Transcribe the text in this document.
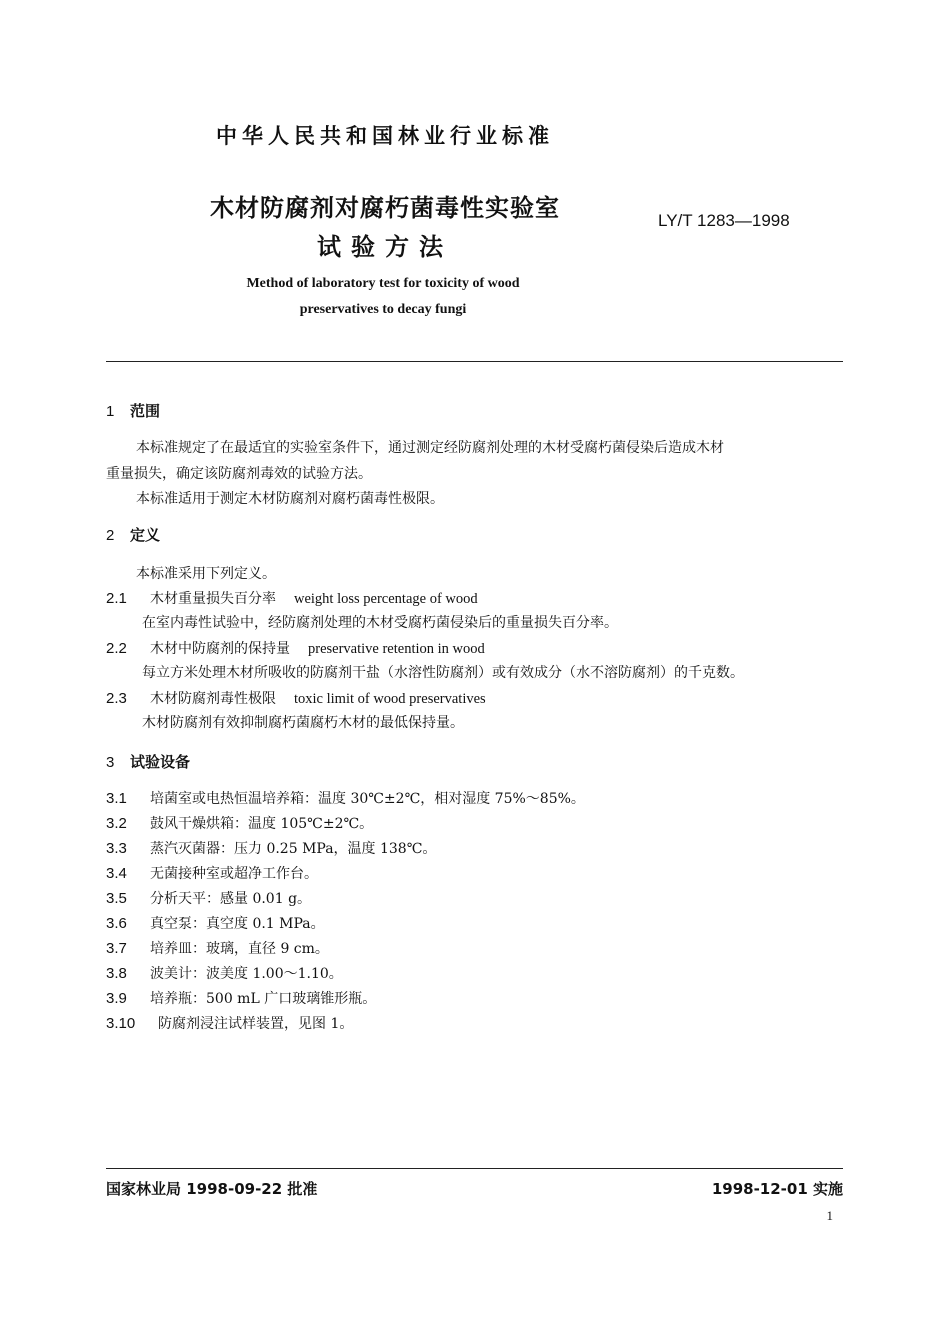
中华人民共和国林业行业标准
木材防腐剂对腐朽菌毒性实验室
试验方法
LY/T 1283—1998
Method of laboratory test for toxicity of wood
preservatives to decay fungi
1 范围
本标准规定了在最适宜的实验室条件下，通过测定经防腐剂处理的木材受腐朽菌侵染后造成木材
重量损失，确定该防腐剂毒效的试验方法。
本标准适用于测定木材防腐剂对腐朽菌毒性极限。
2 定义
本标准采用下列定义。
2.1 木材重量损失百分率 weight loss percentage of wood
在室内毒性试验中，经防腐剂处理的木材受腐朽菌侵染后的重量损失百分率。
2.2 木材中防腐剂的保持量 preservative retention in wood
每立方米处理木材所吸收的防腐剂干盐（水溶性防腐剂）或有效成分（水不溶防腐剂）的千克数。
2.3 木材防腐剂毒性极限 toxic limit of wood preservatives
木材防腐剂有效抑制腐朽菌腐朽木材的最低保持量。
3 试验设备
3.1 培菌室或电热恒温培养箱：温度 30℃±2℃，相对湿度 75%～85%。
3.2 鼓风干燥烘箱：温度 105℃±2℃。
3.3 蒸汽灭菌器：压力 0.25 MPa，温度 138℃。
3.4 无菌接种室或超净工作台。
3.5 分析天平：感量 0.01 g。
3.6 真空泵：真空度 0.1 MPa。
3.7 培养皿：玻璃，直径 9 cm。
3.8 波美计：波美度 1.00～1.10。
3.9 培养瓶：500 mL 广口玻璃锥形瓶。
3.10 防腐剂浸注试样装置，见图 1。
国家林业局 1998-09-22 批准	1998-12-01 实施
1
